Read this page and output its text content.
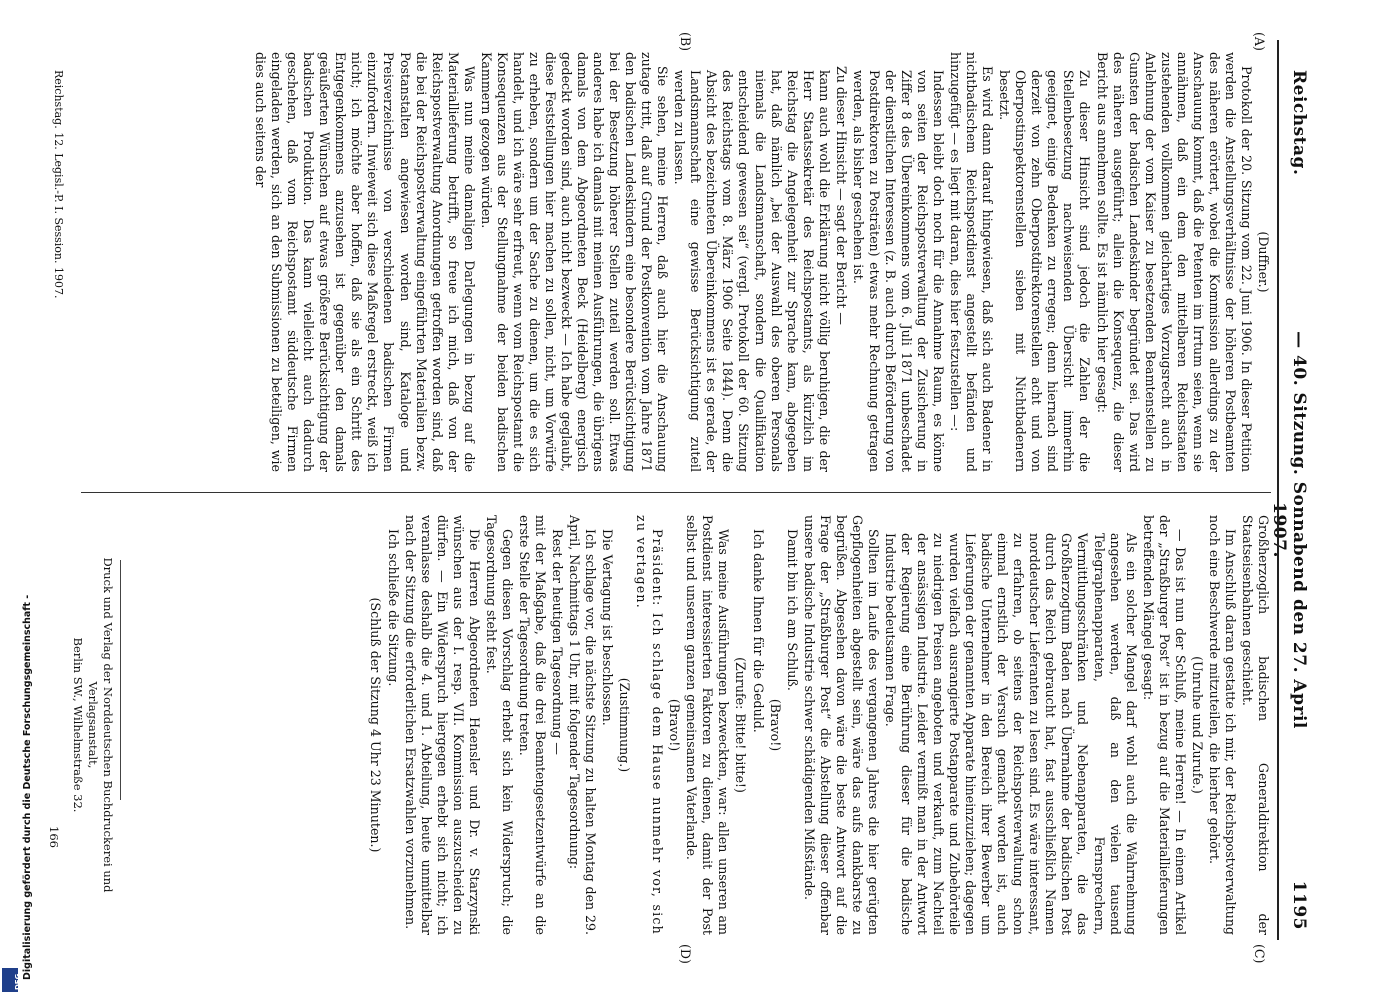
Reichstag.
— 40. Sitzung. Sonnabend den 27. April 1907.
1195
(A)
(B)
(C)
(D)

(Duffner.)

Protokoll der 20. Sitzung vom 22. Juni 1906. In dieser Petition werden die Anstellungsverhältnisse der höheren Postbeamten des näheren erörtert, wobei die Kommission allerdings zu der Anschauung kommt, daß die Petenten im Irrtum seien, wenn sie annähmen, daß ein dem den mittelbaren Reichsstaaten zustehenden vollkommen gleichartiges Vorzugsrecht auch in Anlehnung der vom Kaiser zu besetzenden Beamtenstellen zu Gunsten der badischen Landeskinder begründet sei. Das wird des näheren ausgeführt; allein die Konsequenz, die dieser Bericht aus annehmen sollte. Es ist nämlich hier gesagt:

Zu dieser Hinsicht sind jedoch die Zahlen der die Stellenbesetzung nachweisenden Übersicht immerhin geeignet, einige Bedenken zu erregen; denn hiernach sind derzeit von zehn Oberpostdirektorenstellen acht und von Oberpostinspektorenstellen sieben mit Nichtbadenern besetzt.

Es wird dann darauf hingewiesen, daß sich auch Badener in nichtbadischem Reichspostdienst angestellt befänden und hinzugefügt — es liegt mit daran, dies hier festzustellen —:

Indessen bleibt doch noch für die Annahme Raum, es könne von seiten der Reichspostverwaltung der Zusicherung in Ziffer 8 des Übereinkommens vom 6. Juli 1871 unbeschadet der dienstlichen Interessen (z. B. auch durch Beförderung von Postdirektoren zu Posträten) etwas mehr Rechnung getragen werden, als bisher geschehen ist.

Zu dieser Hinsicht — sagt der Bericht —

kann auch wohl die Erklärung nicht völlig beruhigen, die der Herr Staatssekretär des Reichspostamts, als kürzlich im Reichstag die Angelegenheit zur Sprache kam, abgegeben hat, daß nämlich „bei der Auswahl des oberen Personals niemals die Landsmannschaft, sondern die Qualifikation entscheidend gewesen sei“ (vergl. Protokoll der 60. Sitzung des Reichstags vom 8. März 1906 Seite 1844). Denn die Absicht des bezeichneten Übereinkommens ist es gerade, der Landsmannschaft eine gewisse Berücksichtigung zuteil werden zu lassen.

Sie sehen, meine Herren, daß auch hier die Anschauung zutage tritt, daß auf Grund der Postkonvention vom Jahre 1871 den badischen Landeskindern eine besondere Berücksichtigung bei der Besetzung höherer Stellen zuteil werden soll. Etwas anderes habe ich damals mit meinen Ausführungen, die übrigens damals von dem Abgeordneten Beck (Heidelberg) energisch gedeckt worden sind, auch nicht bezweckt — Ich habe geglaubt, diese Feststellungen hier machen zu sollen, nicht, um Vorwürfe zu erheben, sondern um der Sache zu dienen, um die es sich handelt, und ich wäre sehr erfreut, wenn vom Reichspostamt die Konsequenzen aus der Stellungnahme der beiden badischen Kammern gezogen würden.

Was nun meine damaligen Darlegungen in bezug auf die Materiallieferung betrifft, so freue ich mich, daß von der Reichspostverwaltung Anordnungen getroffen worden sind, daß die bei der Reichspostverwaltung eingeführten Materialien bezw. Postanstalten angewiesen worden sind, Kataloge und Preisverzeichnisse von verschiedenen badischen Firmen einzufordern. Inwieweit sich diese Maßregel erstreckt, weiß ich nicht; ich möchte aber hoffen, daß sie als ein Schritt des Entgegenkommens anzusehen ist gegenüber den damals geäußerten Wünschen auf etwas größere Berücksichtigung der badischen Produktion. Das kann vielleicht auch dadurch geschehen, daß vom Reichspostamt süddeutsche Firmen eingeladen werden, sich an den Submissionen zu beteiligen, wie dies auch seitens der

Großherzoglich badischen Generaldirektion der Staatseisenbahnen geschieht.

Im Anschluß daran gestatte ich mir, der Reichspostverwaltung noch eine Beschwerde mitzuteilen, die hierher gehört.

(Unruhe und Zurufe.)

— Das ist nun der Schluß, meine Herren! — In einem Artikel der „Straßburger Post“ ist in bezug auf die Materiallieferungen betreffenden Mängel gesagt:

Als ein solcher Mangel darf wohl auch die Wahrnehmung angesehen werden, daß an den vielen tausend Telegraphenapparaten, Fernsprechern, Vermittlungsschränken und Nebenapparaten, die das Großherzogtum Baden nach Übernahme der badischen Post durch das Reich gebraucht hat, fast ausschließlich Namen norddeutscher Lieferanten zu lesen sind. Es wäre interessant, zu erfahren, ob seitens der Reichspostverwaltung schon einmal ernstlich der Versuch gemacht worden ist, auch badische Unternehmer in den Bereich ihrer Bewerber um Lieferungen der genannten Apparate hineinzuziehen; dagegen wurden vielfach ausrangierte Postapparate und Zubehörteile zu niedrigen Preisen angeboten und verkauft, zum Nachteil der ansässigen Industrie. Leider vermißt man in der Antwort der Regierung eine Berührung dieser für die badische Industrie bedeutsamen Frage.

Sollten im Laufe des vergangenen Jahres die hier gerügten Gepflogenheiten abgestellt sein, wäre das aufs dankbarste zu begrüßen. Abgesehen davon wäre die beste Antwort auf die Frage der „Straßburger Post“ die Abstellung dieser offenbar unsere badische Industrie schwer schädigenden Mißstände.

Damit bin ich am Schluß.

(Bravo!)

Ich danke Ihnen für die Geduld.

(Zurufe: Bitte! bitte!)

Was meine Ausführungen bezweckten, war: allen unseren am Postdienst interessierten Faktoren zu dienen, damit der Post selbst und unserem ganzen gemeinsamen Vaterlande.

(Bravo!)

Präsident: Ich schlage dem Hause nunmehr vor, sich zu vertagen.

(Zustimmung.)

Die Vertagung ist beschlossen.

Ich schlage vor, die nächste Sitzung zu halten Montag den 29. April, Nachmittags 1 Uhr, mit folgender Tagesordnung:

Rest der heutigen Tagesordnung —

mit der Maßgabe, daß die drei Beamtengesetzentwürfe an die erste Stelle der Tagesordnung treten.

Gegen diesen Vorschlag erhebt sich kein Widerspruch; die Tagesordnung steht fest.

Die Herren Abgeordneten Haensler und Dr. v. Starzynski wünschen aus der I. resp. VII. Kommission auszuscheiden zu dürfen. — Ein Widerspruch hiergegen erhebt sich nicht; ich veranlasse deshalb die 4. und 1. Abteilung, heute unmittelbar nach der Sitzung die erforderlichen Ersatzwahlen vorzunehmen.

Ich schließe die Sitzung.

(Schluß der Sitzung 4 Uhr 23 Minuten.)

Reichstag. 12. Legisl.-P. I. Session. 1907.
Druck und Verlag der Norddeutschen Buchdruckerei und Verlagsanstalt,
Berlin SW., Wilhelmstraße 32.
166
Digitalisierung gefördert durch die Deutsche Forschungsgemeinschaft -
DFG
